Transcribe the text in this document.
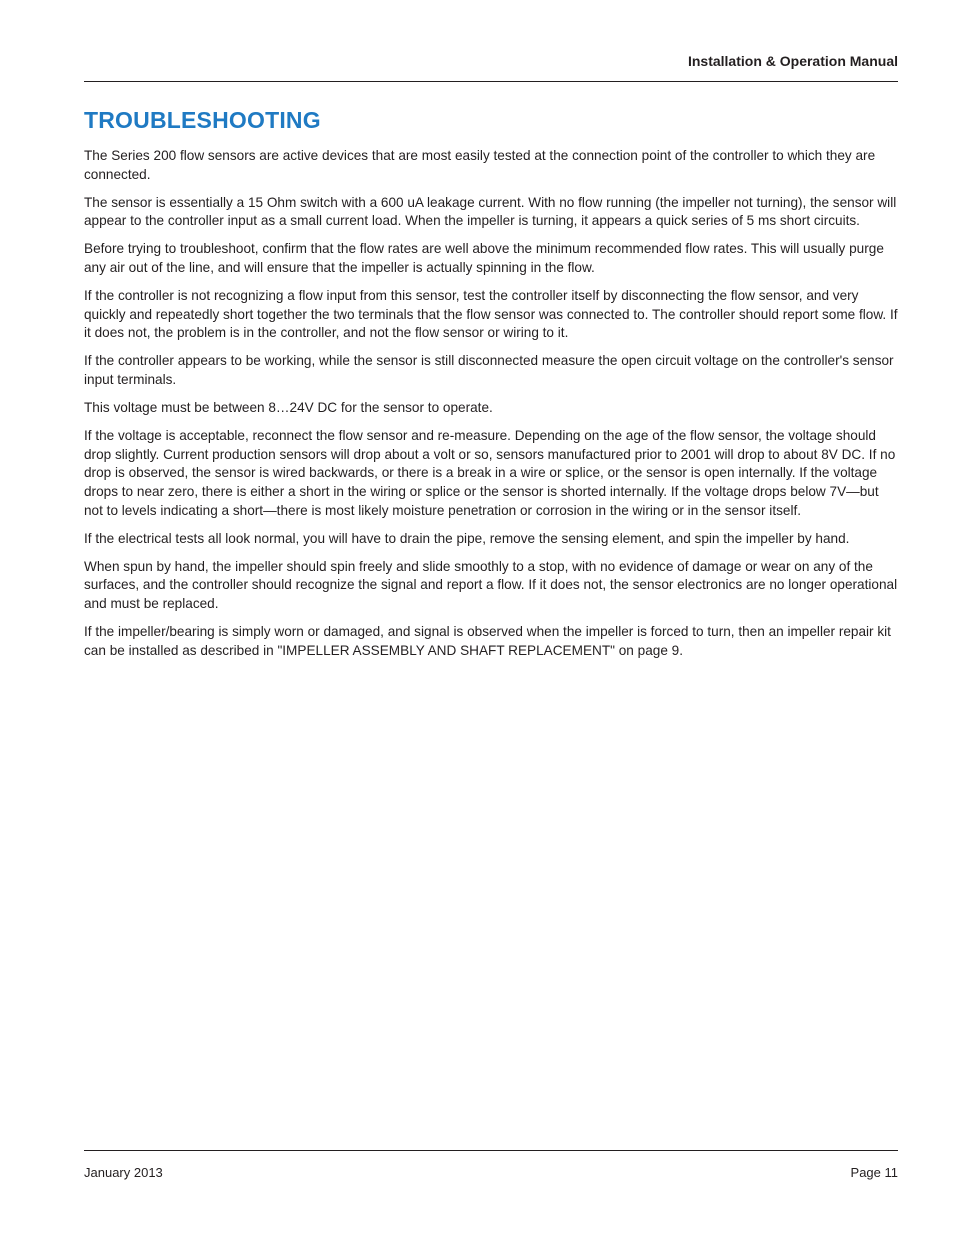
Installation & Operation Manual
TROUBLESHOOTING

The Series 200 flow sensors are active devices that are most easily tested at the connection point of the controller to which they are connected.

The sensor is essentially a 15 Ohm switch with a 600 uA leakage current. With no flow running (the impeller not turning), the sensor will appear to the controller input as a small current load. When the impeller is turning, it appears a quick series of 5 ms short circuits.

Before trying to troubleshoot, confirm that the flow rates are well above the minimum recommended flow rates. This will usually purge any air out of the line, and will ensure that the impeller is actually spinning in the flow.

If the controller is not recognizing a flow input from this sensor, test the controller itself by disconnecting the flow sensor, and very quickly and repeatedly short together the two terminals that the flow sensor was connected to. The controller should report some flow. If it does not, the problem is in the controller, and not the flow sensor or wiring to it.

If the controller appears to be working, while the sensor is still disconnected measure the open circuit voltage on the controller's sensor input terminals.

This voltage must be between 8…24V DC for the sensor to operate.

If the voltage is acceptable, reconnect the flow sensor and re-measure. Depending on the age of the flow sensor, the voltage should drop slightly. Current production sensors will drop about a volt or so, sensors manufactured prior to 2001 will drop to about 8V DC. If no drop is observed, the sensor is wired backwards, or there is a break in a wire or splice, or the sensor is open internally. If the voltage drops to near zero, there is either a short in the wiring or splice or the sensor is shorted internally. If the voltage drops below 7V—but not to levels indicating a short—there is most likely moisture penetration or corrosion in the wiring or in the sensor itself.

If the electrical tests all look normal, you will have to drain the pipe, remove the sensing element, and spin the impeller by hand.

When spun by hand, the impeller should spin freely and slide smoothly to a stop, with no evidence of damage or wear on any of the surfaces, and the controller should recognize the signal and report a flow. If it does not, the sensor electronics are no longer operational and must be replaced.

If the impeller/bearing is simply worn or damaged, and signal is observed when the impeller is forced to turn, then an impeller repair kit can be installed as described in "IMPELLER ASSEMBLY AND SHAFT REPLACEMENT" on page 9.

January 2013	Page 11
